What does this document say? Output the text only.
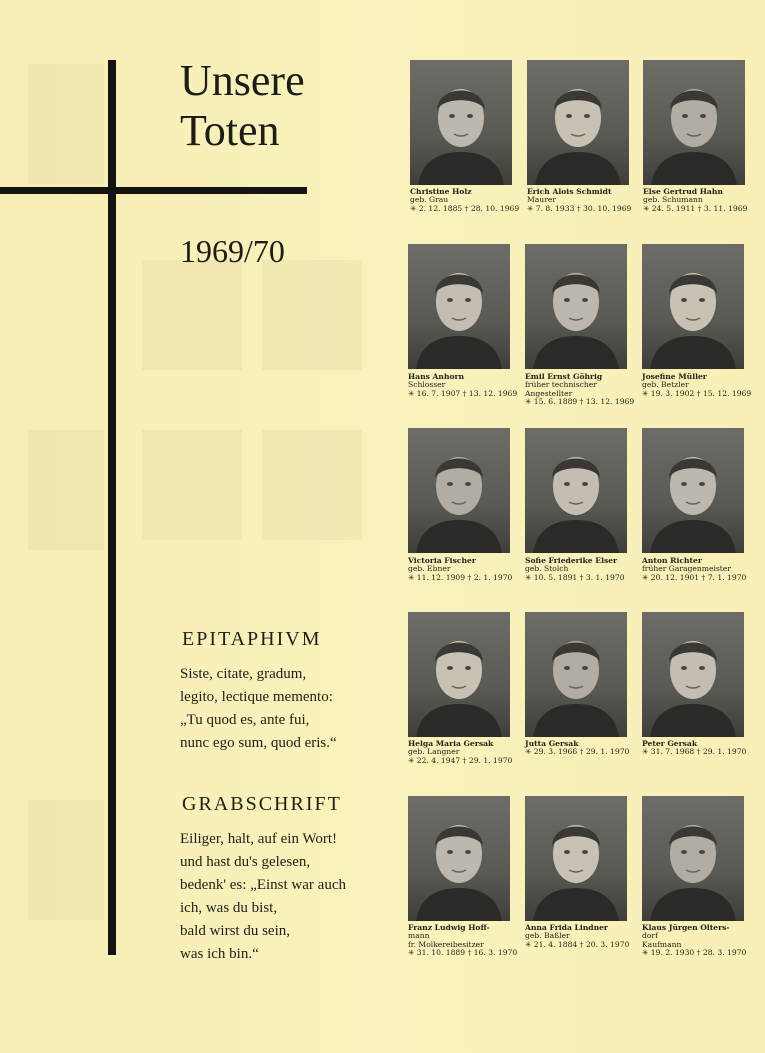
Unsere
Toten
1969/70
EPITAPHIVM
Siste, citate, gradum,
legito, lectique memento:
„Tu quod es, ante fui,
nunc ego sum, quod eris.“
GRABSCHRIFT
Eiliger, halt, auf ein Wort!
und hast du's gelesen,
bedenk' es: „Einst war auch
ich, was du bist,
bald wirst du sein,
was ich bin.“
Christine Holz
geb. Grau
✳ 2. 12. 1885 † 28. 10. 1969
Erich Alois Schmidt
Maurer
✳ 7. 8. 1933 † 30. 10. 1969
Else Gertrud Hahn
geb. Schumann
✳ 24. 5. 1911 † 3. 11. 1969
Hans Anhorn
Schlosser
✳ 16. 7. 1907 † 13. 12. 1969
Emil Ernst Göhrig
früher technischer
Angestellter
✳ 15. 6. 1889 † 13. 12. 1969
Josefine Müller
geb. Betzler
✳ 19. 3. 1902 † 15. 12. 1969
Victoria Fischer
geb. Ebner
✳ 11. 12. 1909 † 2. 1. 1970
Sofie Friederike Elser
geb. Stolch
✳ 10. 5. 1891 † 3. 1. 1970
Anton Richter
früher Garagenmeister
✳ 20. 12. 1901 † 7. 1. 1970
Helga Maria Gersak
geb. Langner
✳ 22. 4. 1947 † 29. 1. 1970
Jutta Gersak
✳ 29. 3. 1966 † 29. 1. 1970
Peter Gersak
✳ 31. 7. 1968 † 29. 1. 1970
Franz Ludwig Hoff-
mann
fr. Molkereibesitzer
✳ 31. 10. 1889 † 16. 3. 1970
Anna Frida Lindner
geb. Baßler
✳ 21. 4. 1884 † 20. 3. 1970
Klaus Jürgen Olters-
dorf
Kaufmann
✳ 19. 2. 1930 † 28. 3. 1970
